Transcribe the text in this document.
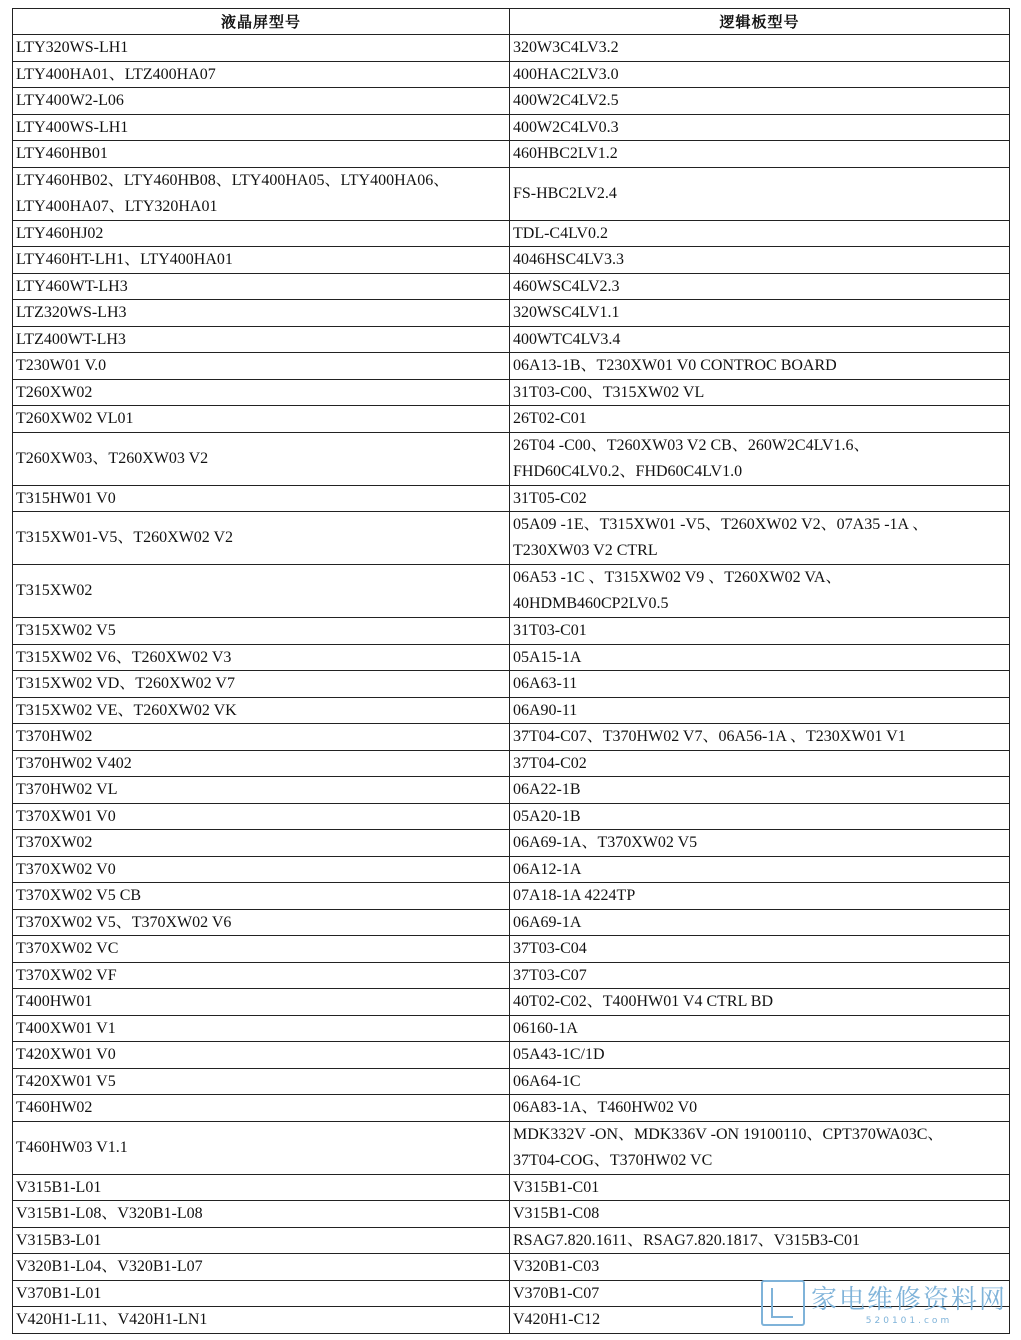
液晶屏型号	逻辑板型号
LTY320WS-LH1	320W3C4LV3.2
LTY400HA01、LTZ400HA07	400HAC2LV3.0
LTY400W2-L06	400W2C4LV2.5
LTY400WS-LH1	400W2C4LV0.3
LTY460HB01	460HBC2LV1.2

LTY460HB02、LTY460HB08、LTY400HA05、LTY400HA06、
LTY400HA07、LTY320HA01	FS-HBC2LV2.4
LTY460HJ02	TDL-C4LV0.2
LTY460HT-LH1、LTY400HA01	4046HSC4LV3.3
LTY460WT-LH3	460WSC4LV2.3
LTZ320WS-LH3	320WSC4LV1.1
LTZ400WT-LH3	400WTC4LV3.4
T230W01 V.0	06A13-1B、T230XW01 V0 CONTROC BOARD
T260XW02	31T03-C00、T315XW02 VL
T260XW02 VL01	26T02-C01
T260XW03、T260XW03 V2	26T04 -C00、T260XW03 V2 CB、260W2C4LV1.6、
FHD60C4LV0.2、FHD60C4LV1.0

T315HW01 V0	31T05-C02
T315XW01-V5、T260XW02 V2	05A09 -1E、T315XW01 -V5、T260XW02 V2、07A35 -1A 、
T230XW03 V2 CTRL

T315XW02	06A53 -1C 、T315XW02 V9 、T260XW02 VA、
40HDMB460CP2LV0.5

T315XW02 V5	31T03-C01
T315XW02 V6、T260XW02 V3	05A15-1A
T315XW02 VD、T260XW02 V7	06A63-11
T315XW02 VE、T260XW02 VK	06A90-11
T370HW02	37T04-C07、T370HW02 V7、06A56-1A 、T230XW01 V1
T370HW02 V402	37T04-C02
T370HW02 VL	06A22-1B
T370XW01 V0	05A20-1B
T370XW02	06A69-1A、T370XW02 V5
T370XW02 V0	06A12-1A
T370XW02 V5 CB	07A18-1A 4224TP
T370XW02 V5、T370XW02 V6	06A69-1A
T370XW02 VC	37T03-C04
T370XW02 VF	37T03-C07
T400HW01	40T02-C02、T400HW01 V4 CTRL BD
T400XW01 V1	06160-1A
T420XW01 V0	05A43-1C/1D
T420XW01 V5	06A64-1C
T460HW02	06A83-1A、T460HW02 V0
T460HW03 V1.1	MDK332V -ON、MDK336V -ON 19100110、CPT370WA03C、
37T04-COG、T370HW02 VC

V315B1-L01	V315B1-C01
V315B1-L08、V320B1-L08	V315B1-C08
V315B3-L01	RSAG7.820.1611、RSAG7.820.1817、V315B3-C01
V320B1-L04、V320B1-L07	V320B1-C03
V370B1-L01	V370B1-C07
V420H1-L11、V420H1-LN1	V420H1-C12
家电维修资料网
520101.com
